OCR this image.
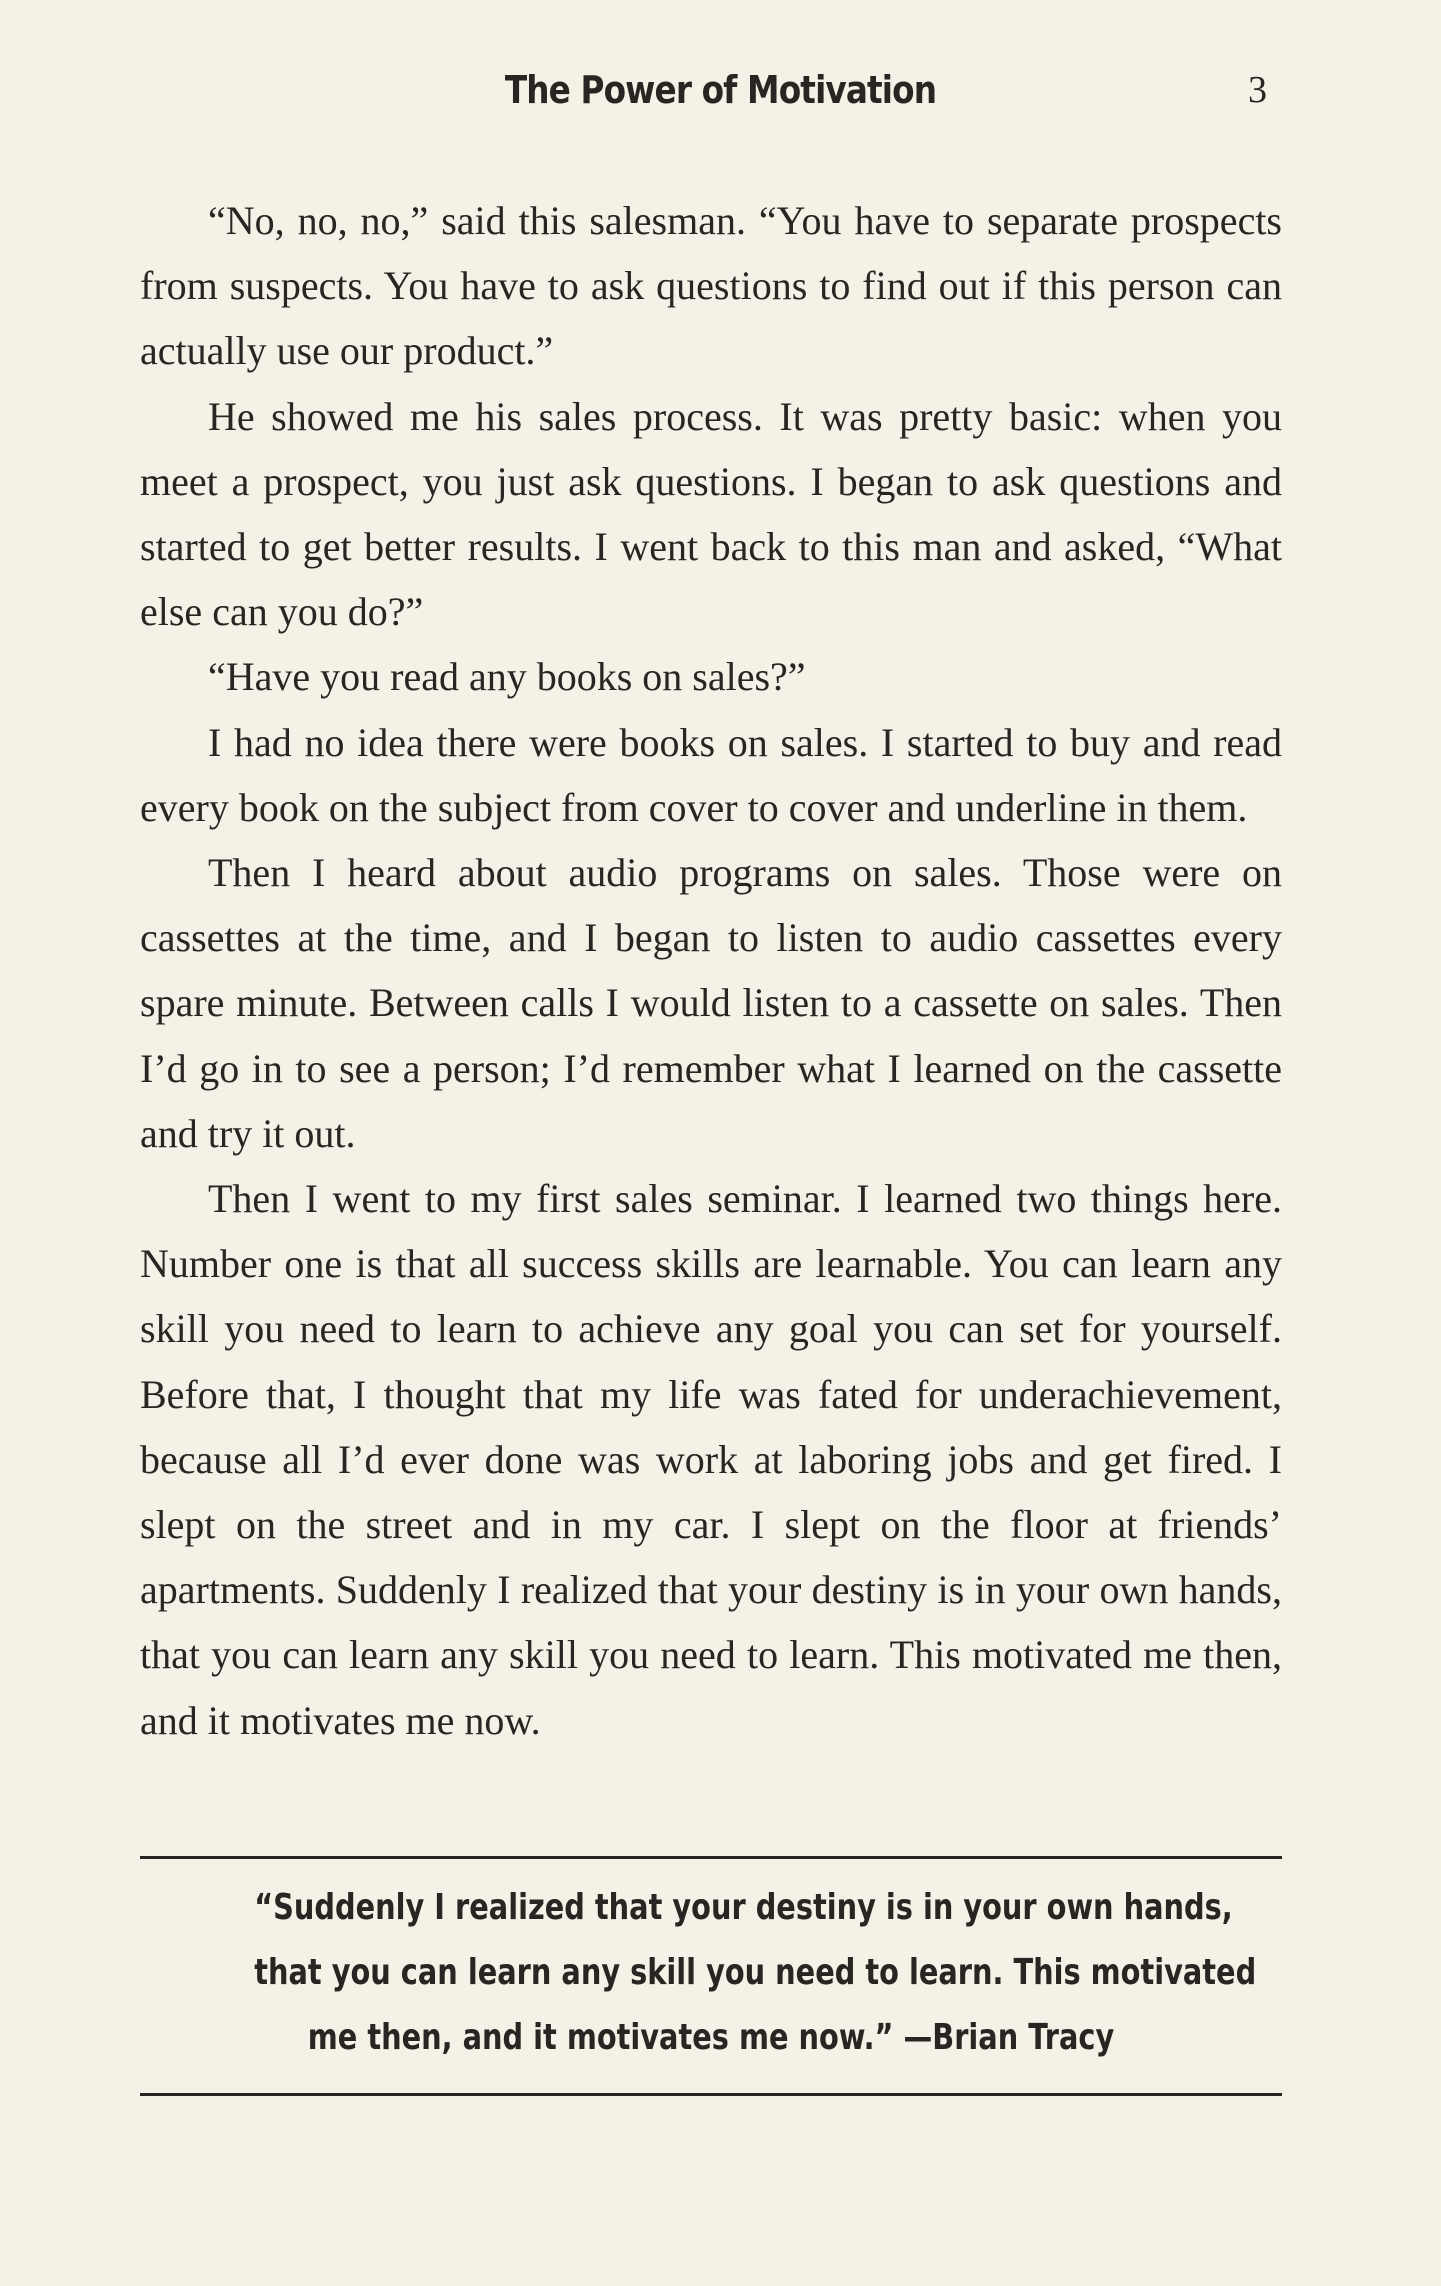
The Power of Motivation	3

“No, no, no,” said this salesman. “You have to separate prospects from suspects. You have to ask questions to find out if this person can actually use our product.”

He showed me his sales process. It was pretty basic: when you meet a prospect, you just ask questions. I began to ask questions and started to get better results. I went back to this man and asked, “What else can you do?”

“Have you read any books on sales?”

I had no idea there were books on sales. I started to buy and read every book on the subject from cover to cover and underline in them.

Then I heard about audio programs on sales. Those were on cassettes at the time, and I began to listen to audio cassettes every spare minute. Between calls I would listen to a cassette on sales. Then I’d go in to see a person; I’d remember what I learned on the cassette and try it out.

Then I went to my first sales seminar. I learned two things here. Number one is that all success skills are learnable. You can learn any skill you need to learn to achieve any goal you can set for yourself. Before that, I thought that my life was fated for underachievement, because all I’d ever done was work at laboring jobs and get fired. I slept on the street and in my car. I slept on the floor at friends’ apartments. Suddenly I realized that your destiny is in your own hands, that you can learn any skill you need to learn. This motivated me then, and it motivates me now.

“Suddenly I realized that your destiny is in your own hands,
that you can learn any skill you need to learn. This motivated
me then, and it motivates me now.” —Brian Tracy
